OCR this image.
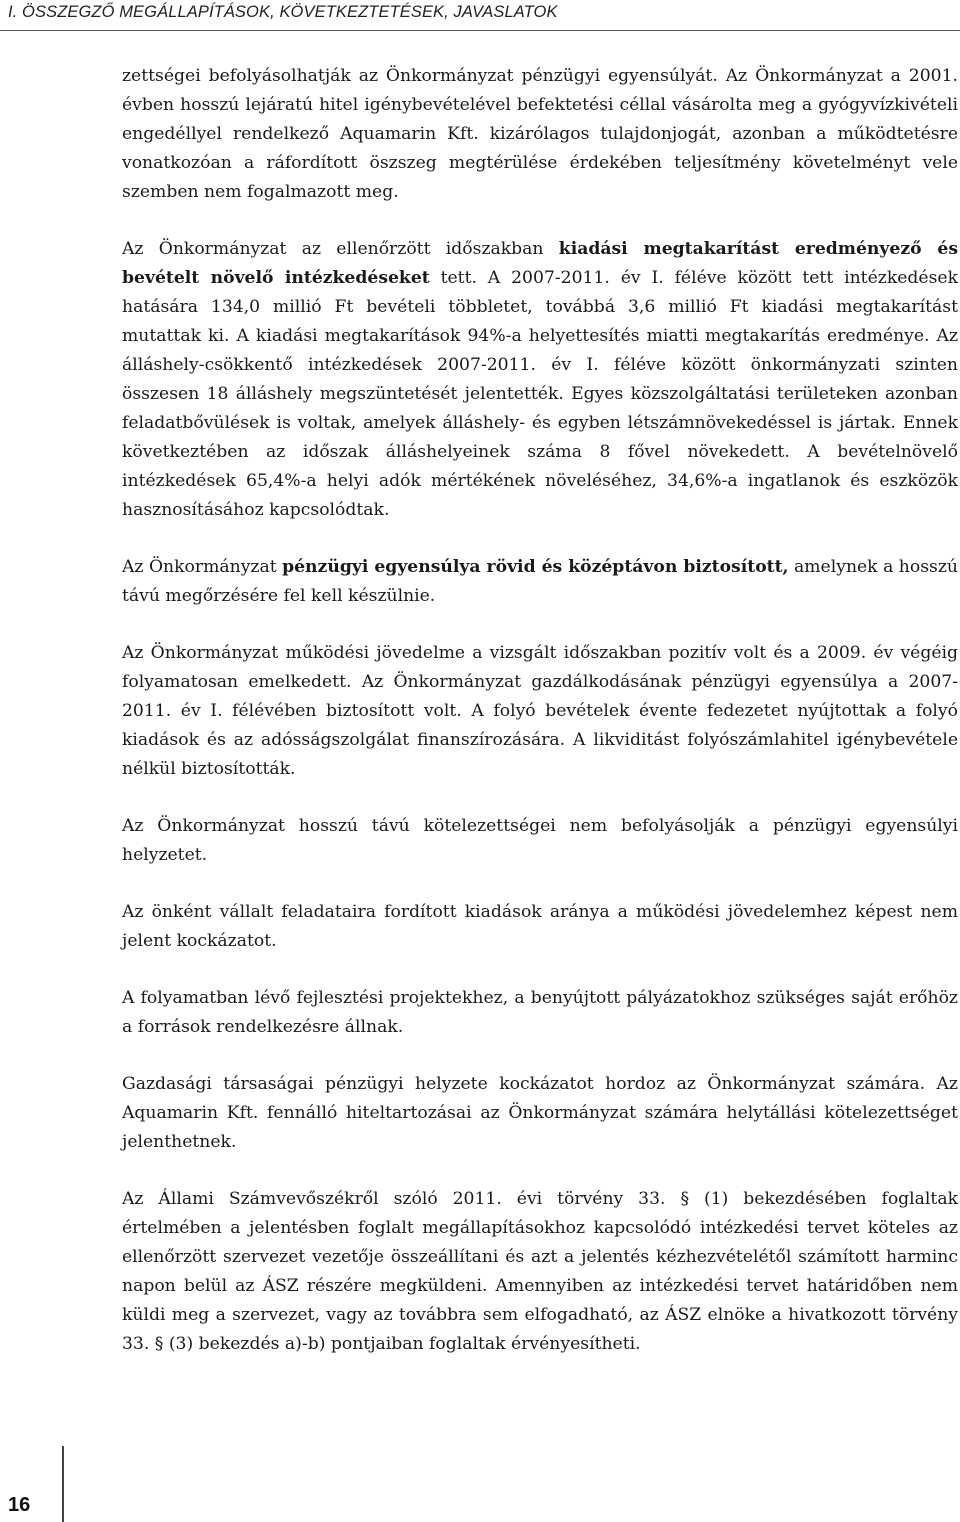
I. ÖSSZEGZŐ MEGÁLLAPÍTÁSOK, KÖVETKEZTETÉSEK, JAVASLATOK

zettségei befolyásolhatják az Önkormányzat pénzügyi egyensúlyát. Az Önkormányzat a 2001. évben hosszú lejáratú hitel igénybevételével befektetési céllal vásárolta meg a gyógyvízkivételi engedéllyel rendelkező Aquamarin Kft. kizárólagos tulajdonjogát, azonban a működtetésre vonatkozóan a ráfordított öszszeg megtérülése érdekében teljesítmény követelményt vele szemben nem fogalmazott meg.

Az Önkormányzat az ellenőrzött időszakban kiadási megtakarítást eredményező és bevételt növelő intézkedéseket tett. A 2007-2011. év I. féléve között tett intézkedések hatására 134,0 millió Ft bevételi többletet, továbbá 3,6 millió Ft kiadási megtakarítást mutattak ki. A kiadási megtakarítások 94%-a helyettesítés miatti megtakarítás eredménye. Az álláshely-csökkentő intézkedések 2007-2011. év I. féléve között önkormányzati szinten összesen 18 álláshely megszüntetését jelentették. Egyes közszolgáltatási területeken azonban feladatbővülések is voltak, amelyek álláshely- és egyben létszámnövekedéssel is jártak. Ennek következtében az időszak álláshelyeinek száma 8 fővel növekedett. A bevételnövelő intézkedések 65,4%-a helyi adók mértékének növeléséhez, 34,6%-a ingatlanok és eszközök hasznosításához kapcsolódtak.

Az Önkormányzat pénzügyi egyensúlya rövid és középtávon biztosított, amelynek a hosszú távú megőrzésére fel kell készülnie.

Az Önkormányzat működési jövedelme a vizsgált időszakban pozitív volt és a 2009. év végéig folyamatosan emelkedett. Az Önkormányzat gazdálkodásának pénzügyi egyensúlya a 2007-2011. év I. félévében biztosított volt. A folyó bevételek évente fedezetet nyújtottak a folyó kiadások és az adósságszolgálat finanszírozására. A likviditást folyószámlahitel igénybevétele nélkül biztosították.

Az Önkormányzat hosszú távú kötelezettségei nem befolyásolják a pénzügyi egyensúlyi helyzetet.

Az önként vállalt feladataira fordított kiadások aránya a működési jövedelemhez képest nem jelent kockázatot.

A folyamatban lévő fejlesztési projektekhez, a benyújtott pályázatokhoz szükséges saját erőhöz a források rendelkezésre állnak.

Gazdasági társaságai pénzügyi helyzete kockázatot hordoz az Önkormányzat számára. Az Aquamarin Kft. fennálló hiteltartozásai az Önkormányzat számára helytállási kötelezettséget jelenthetnek.

Az Állami Számvevőszékről szóló 2011. évi törvény 33. § (1) bekezdésében foglaltak értelmében a jelentésben foglalt megállapításokhoz kapcsolódó intézkedési tervet köteles az ellenőrzött szervezet vezetője összeállítani és azt a jelentés kézhezvételétől számított harminc napon belül az ÁSZ részére megküldeni. Amennyiben az intézkedési tervet határidőben nem küldi meg a szervezet, vagy az továbbra sem elfogadható, az ÁSZ elnöke a hivatkozott törvény 33. § (3) bekezdés a)-b) pontjaiban foglaltak érvényesítheti.

16
